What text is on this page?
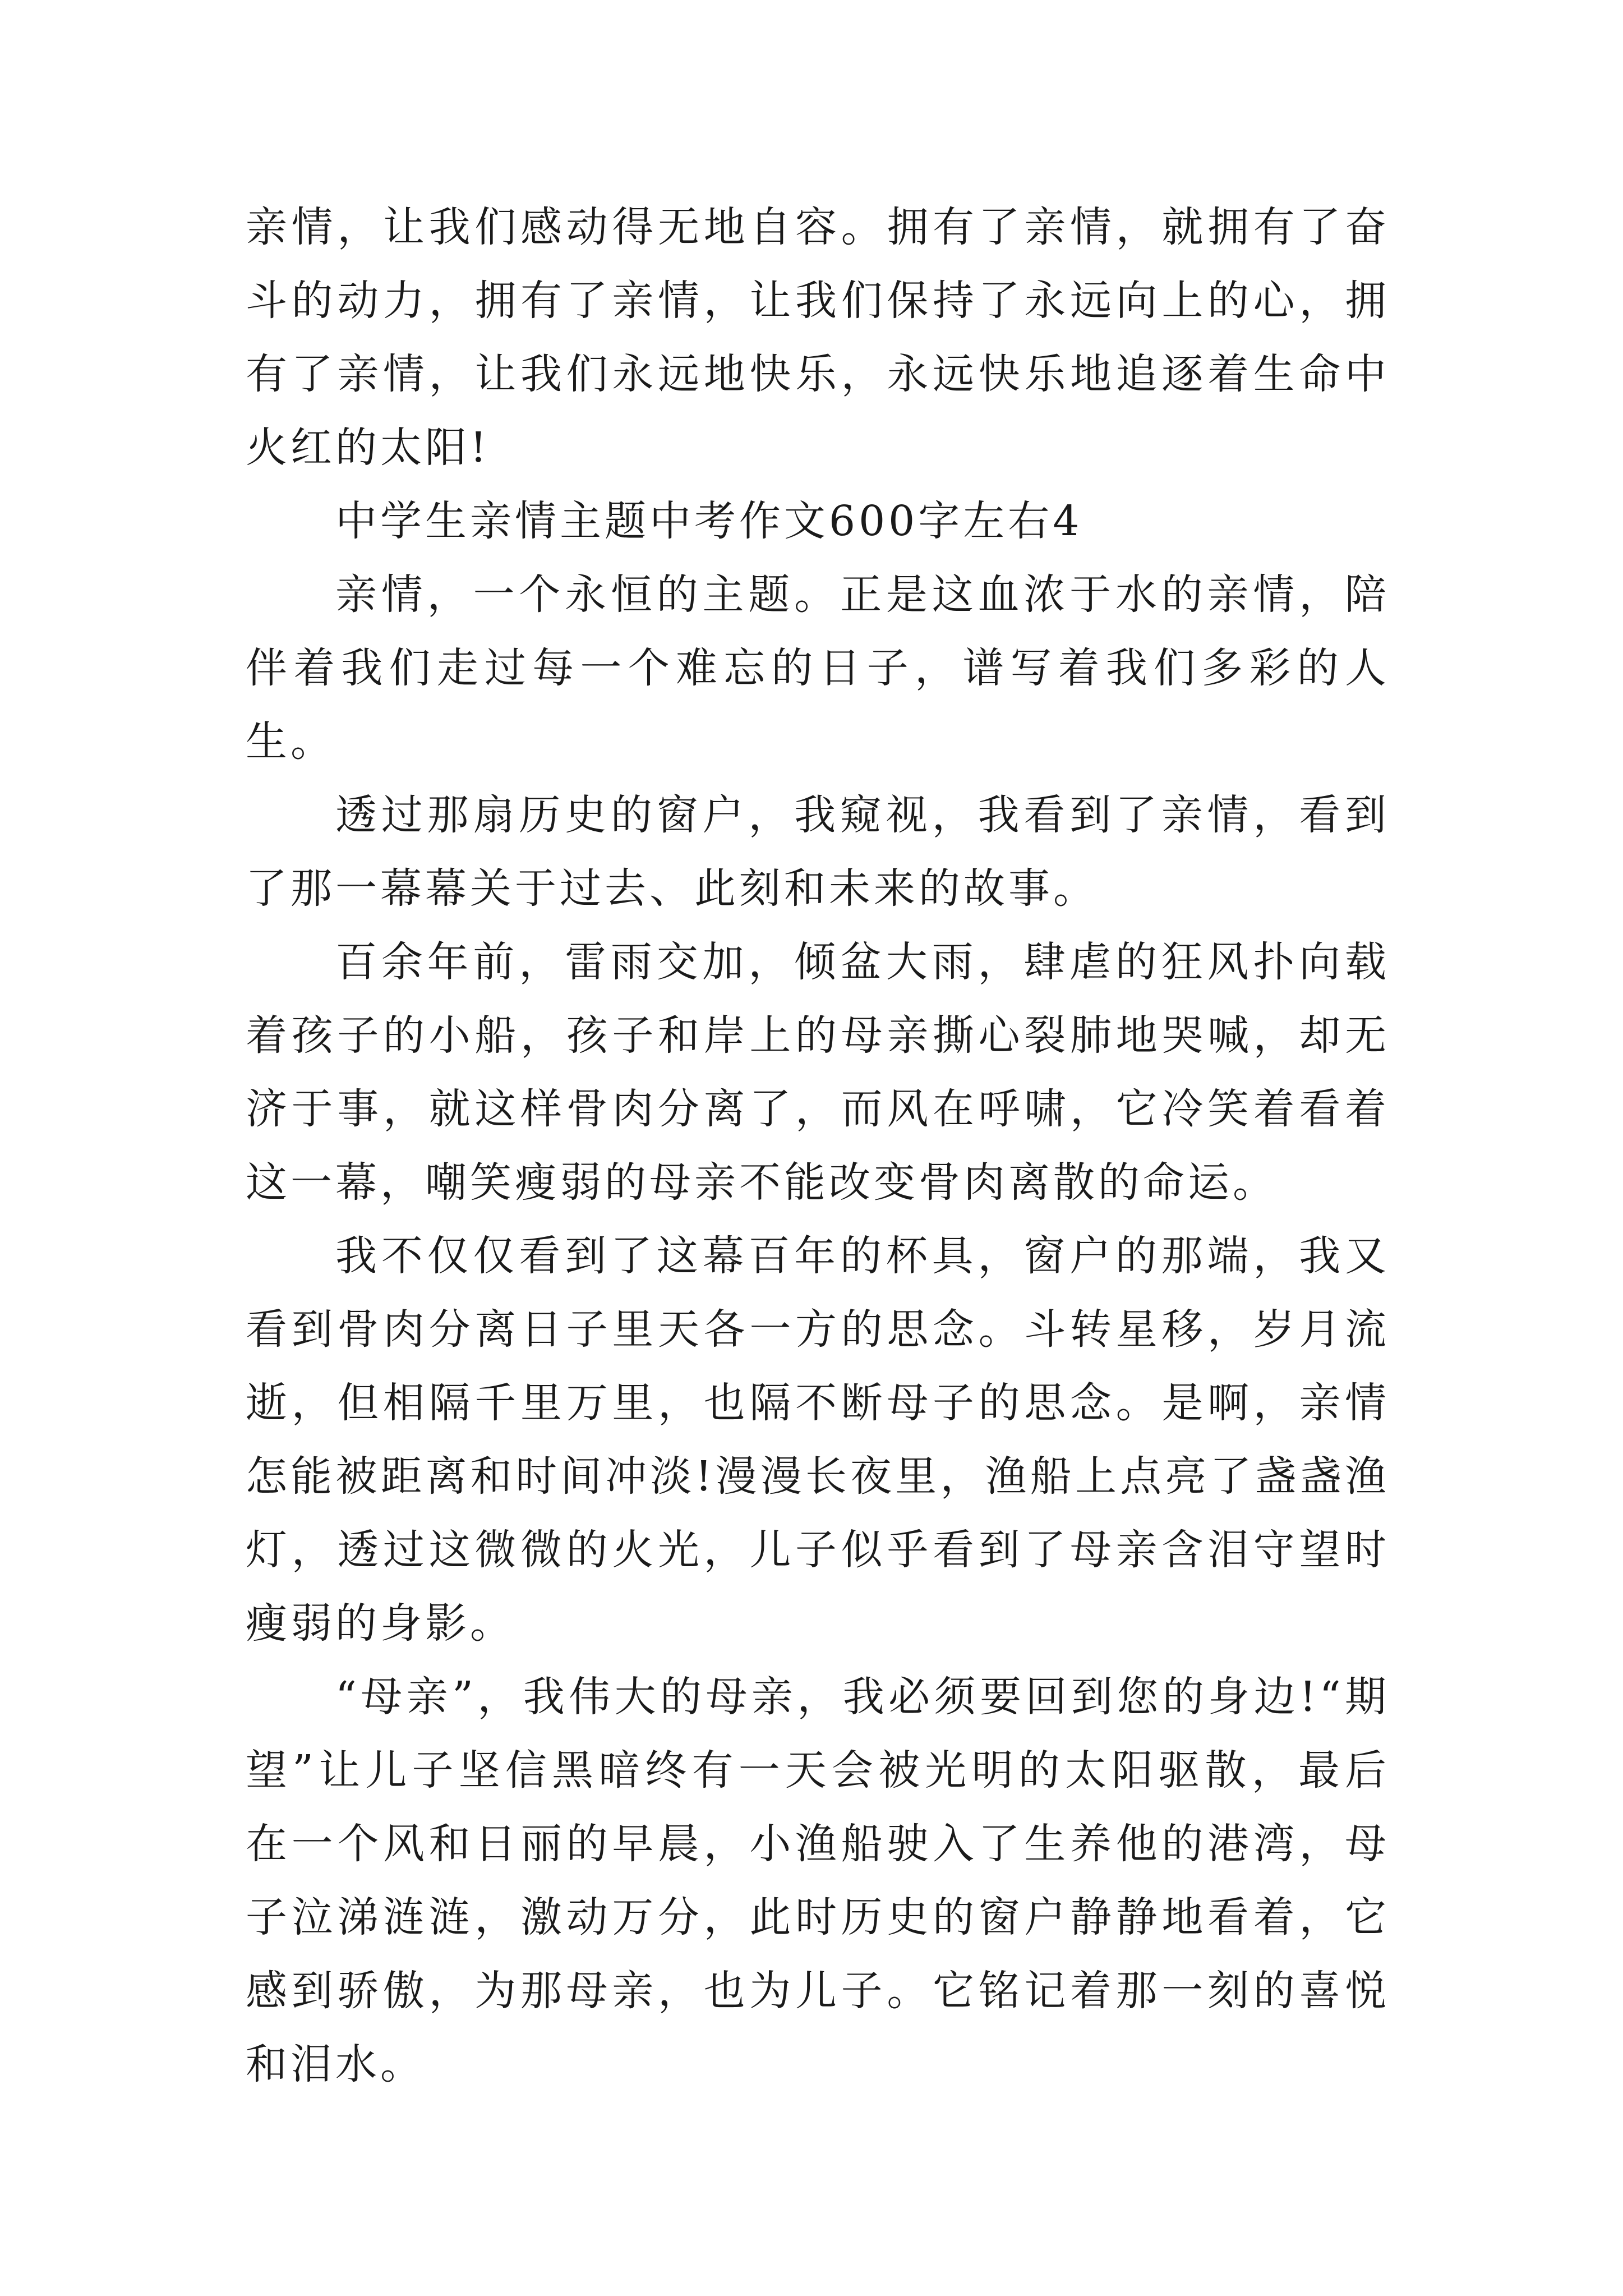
亲情，让我们感动得无地自容。拥有了亲情，就拥有了奋斗的动力，拥有了亲情，让我们保持了永远向上的心，拥有了亲情，让我们永远地快乐，永远快乐地追逐着生命中火红的太阳!

中学生亲情主题中考作文600字左右4

亲情，一个永恒的主题。正是这血浓于水的亲情，陪伴着我们走过每一个难忘的日子，谱写着我们多彩的人生。

透过那扇历史的窗户，我窥视，我看到了亲情，看到了那一幕幕关于过去、此刻和未来的故事。

百余年前，雷雨交加，倾盆大雨，肆虐的狂风扑向载着孩子的小船，孩子和岸上的母亲撕心裂肺地哭喊，却无济于事，就这样骨肉分离了，而风在呼啸，它冷笑着看着这一幕，嘲笑瘦弱的母亲不能改变骨肉离散的命运。

我不仅仅看到了这幕百年的杯具，窗户的那端，我又看到骨肉分离日子里天各一方的思念。斗转星移，岁月流逝，但相隔千里万里，也隔不断母子的思念。是啊，亲情怎能被距离和时间冲淡!漫漫长夜里，渔船上点亮了盏盏渔灯，透过这微微的火光，儿子似乎看到了母亲含泪守望时瘦弱的身影。

“母亲”，我伟大的母亲，我必须要回到您的身边!“期望”让儿子坚信黑暗终有一天会被光明的太阳驱散，最后在一个风和日丽的早晨，小渔船驶入了生养他的港湾，母子泣涕涟涟，激动万分，此时历史的窗户静静地看着，它感到骄傲，为那母亲，也为儿子。它铭记着那一刻的喜悦和泪水。
